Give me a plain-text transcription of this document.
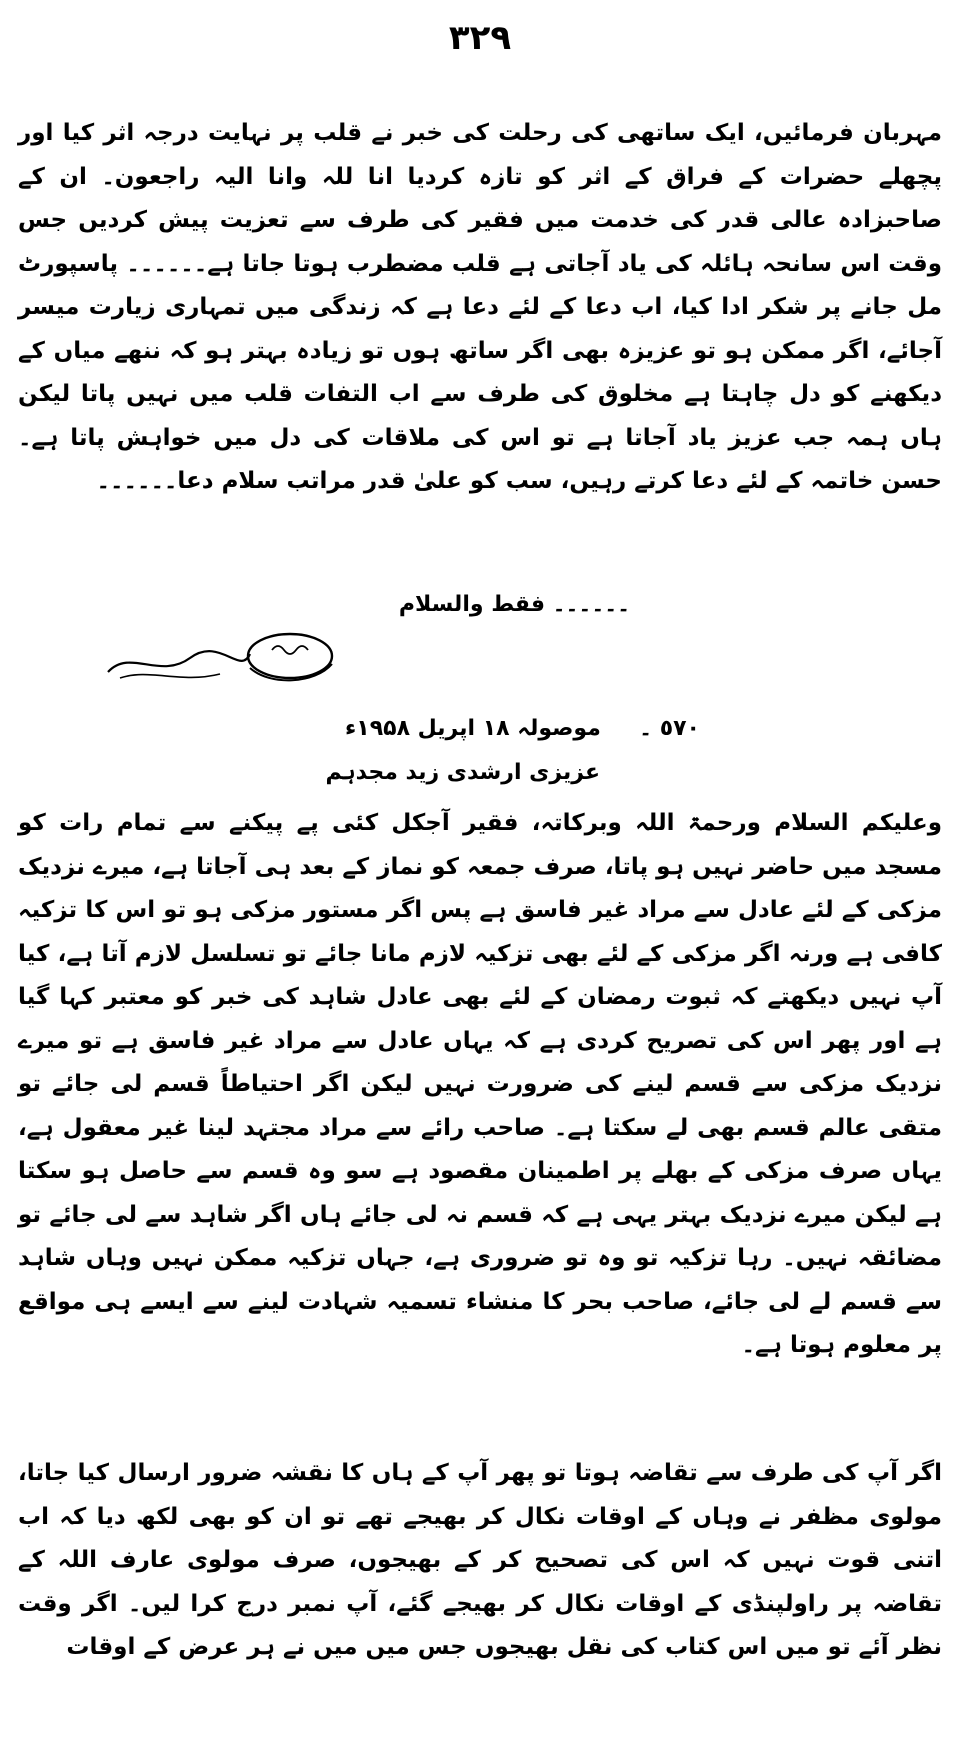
۳۲۹

مہربان فرمائیں، ایک ساتھی کی رحلت کی خبر نے قلب پر نہایت درجہ اثر کیا اور پچھلے حضرات کے فراق کے اثر کو تازہ کردیا انا للہ وانا الیہ راجعون۔ ان کے صاحبزادہ عالی قدر کی خدمت میں فقیر کی طرف سے تعزیت پیش کردیں جس وقت اس سانحہ ہائلہ کی یاد آجاتی ہے قلب مضطرب ہوتا جاتا ہے۔۔۔۔۔۔ پاسپورٹ مل جانے پر شکر ادا کیا، اب دعا کے لئے دعا ہے کہ زندگی میں تمہاری زیارت میسر آجائے، اگر ممکن ہو تو عزیزہ بھی اگر ساتھ ہوں تو زیادہ بہتر ہو کہ ننھے میاں کے دیکھنے کو دل چاہتا ہے مخلوق کی طرف سے اب التفات قلب میں نہیں پاتا لیکن ہاں ہمہ جب عزیز یاد آجاتا ہے تو اس کی ملاقات کی دل میں خواہش پاتا ہے۔ حسن خاتمہ کے لئے دعا کرتے رہیں، سب کو علیٰ قدر مراتب سلام دعا۔۔۔۔۔۔

۔۔۔۔۔۔ فقط والسلام
٥٧٠ ۔     موصولہ ۱۸ اپریل ۱۹۵۸ء
عزیزی ارشدی زید مجدہم

وعلیکم السلام ورحمۃ اللہ وبرکاتہ، فقیر آجکل کئی پے پیکنے سے تمام رات کو مسجد میں حاضر نہیں ہو پاتا، صرف جمعہ کو نماز کے بعد ہی آجاتا ہے، میرے نزدیک مزکی کے لئے عادل سے مراد غیر فاسق ہے پس اگر مستور مزکی ہو تو اس کا تزکیہ کافی ہے ورنہ اگر مزکی کے لئے بھی تزکیہ لازم مانا جائے تو تسلسل لازم آتا ہے، کیا آپ نہیں دیکھتے کہ ثبوت رمضان کے لئے بھی عادل شاہد کی خبر کو معتبر کہا گیا ہے اور پھر اس کی تصریح کردی ہے کہ یہاں عادل سے مراد غیر فاسق ہے تو میرے نزدیک مزکی سے قسم لینے کی ضرورت نہیں لیکن اگر احتیاطاً قسم لی جائے تو متقی عالم قسم بھی لے سکتا ہے۔ صاحب رائے سے مراد مجتہد لینا غیر معقول ہے، یہاں صرف مزکی کے بھلے پر اطمینان مقصود ہے سو وہ قسم سے حاصل ہو سکتا ہے لیکن میرے نزدیک بہتر یہی ہے کہ قسم نہ لی جائے ہاں اگر شاہد سے لی جائے تو مضائقہ نہیں۔ رہا تزکیہ تو وہ تو ضروری ہے، جہاں تزکیہ ممکن نہیں وہاں شاہد سے قسم لے لی جائے، صاحب بحر کا منشاء تسمیہ شہادت لینے سے ایسے ہی مواقع پر معلوم ہوتا ہے۔

اگر آپ کی طرف سے تقاضہ ہوتا تو پھر آپ کے ہاں کا نقشہ ضرور ارسال کیا جاتا، مولوی مظفر نے وہاں کے اوقات نکال کر بھیجے تھے تو ان کو بھی لکھ دیا کہ اب اتنی قوت نہیں کہ اس کی تصحیح کر کے بھیجوں، صرف مولوی عارف اللہ کے تقاضہ پر راولپنڈی کے اوقات نکال کر بھیجے گئے، آپ نمبر درج کرا لیں۔ اگر وقت نظر آئے تو میں اس کتاب کی نقل بھیجوں جس میں میں نے ہر عرض کے اوقات
